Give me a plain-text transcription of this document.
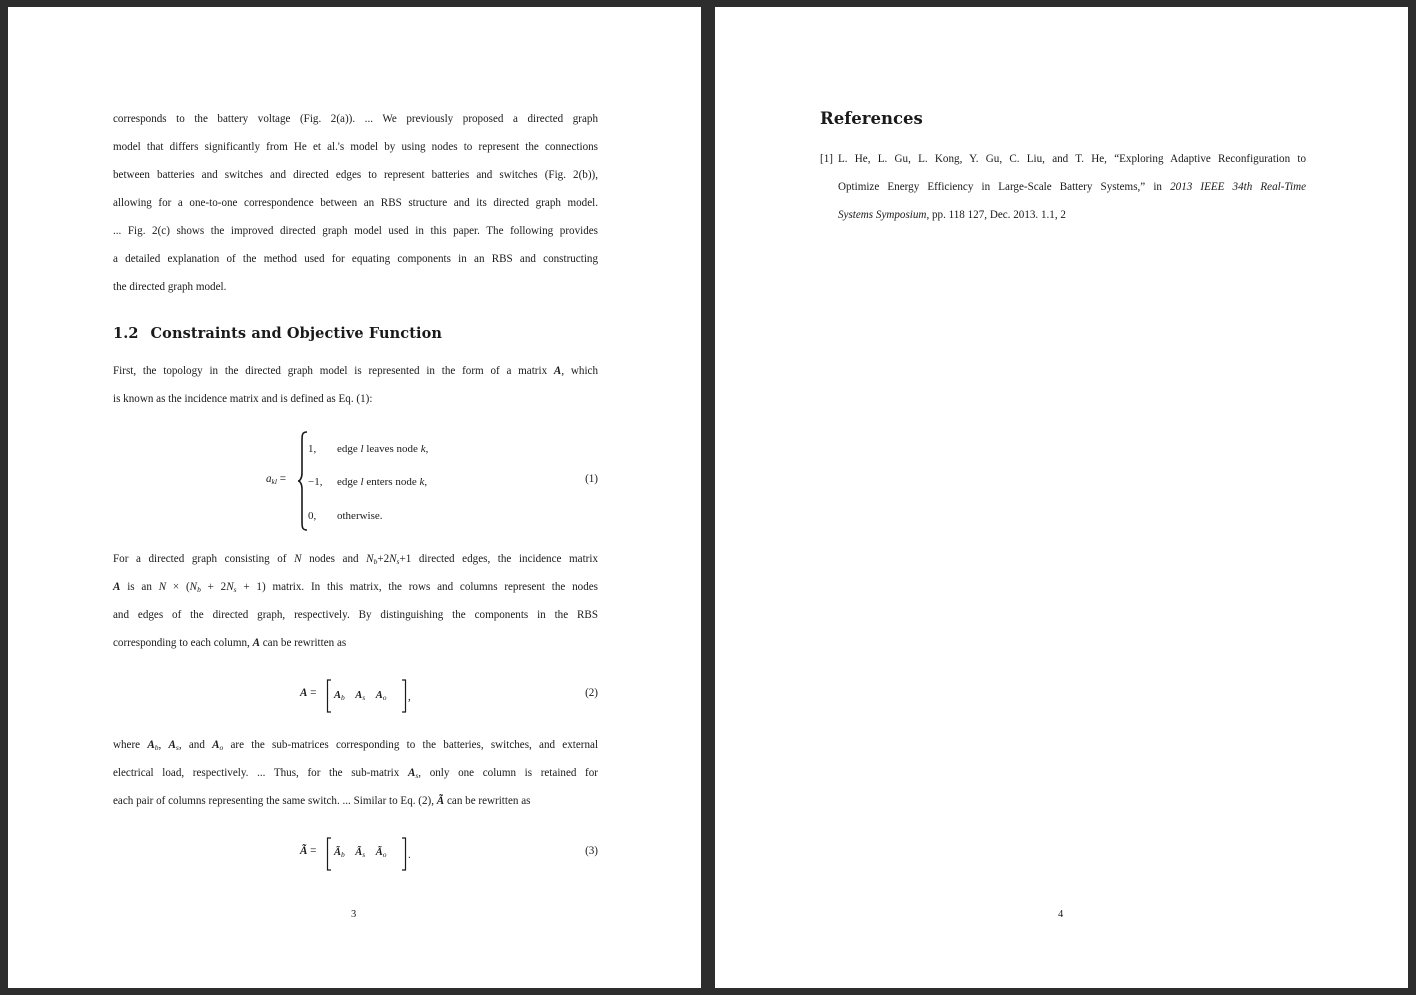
corresponds to the battery voltage (Fig. 2(a)). ... We previously proposed a directed graph
model that differs significantly from He et al.'s model by using nodes to represent the connections
between batteries and switches and directed edges to represent batteries and switches (Fig. 2(b)),
allowing for a one-to-one correspondence between an RBS structure and its directed graph model.
... Fig. 2(c) shows the improved directed graph model used in this paper. The following provides
a detailed explanation of the method used for equating components in an RBS and constructing
the directed graph model.
1.2 Constraints and Objective Function
First, the topology in the directed graph model is represented in the form of a matrix A, which
is known as the incidence matrix and is defined as Eq. (1):
$a_{kl}$ =
1, edge l leaves node k,
−1, edge l enters node k,
0, otherwise.
(1)
For a directed graph consisting of N nodes and $N_b+2N_s+1$ directed edges, the incidence matrix
A is an $N \times (N_b + 2N_s + 1)$ matrix. In this matrix, the rows and columns represent the nodes
and edges of the directed graph, respectively. By distinguishing the components in the RBS
corresponding to each column, A can be rewritten as
$A = A_b$ $A_s$ $A_o$ ,	(2)
where $A_b$, $A_s$, and $A_o$ are the sub-matrices corresponding to the batteries, switches, and external
electrical load, respectively. ... Thus, for the sub-matrix $A_s$, only one column is retained for
each pair of columns representing the same switch. ... Similar to Eq. (2), Ã can be rewritten as
Ã = $Ã_b$ $Ã_s$ $Ã_o$ .	(3)
3
References
[1] L. He, L. Gu, L. Kong, Y. Gu, C. Liu, and T. He, “Exploring Adaptive Reconfiguration to
Optimize Energy Efficiency in Large-Scale Battery Systems,” in 2013 IEEE 34th Real-Time
Systems Symposium, pp. 118 127, Dec. 2013. 1.1, 2
4
